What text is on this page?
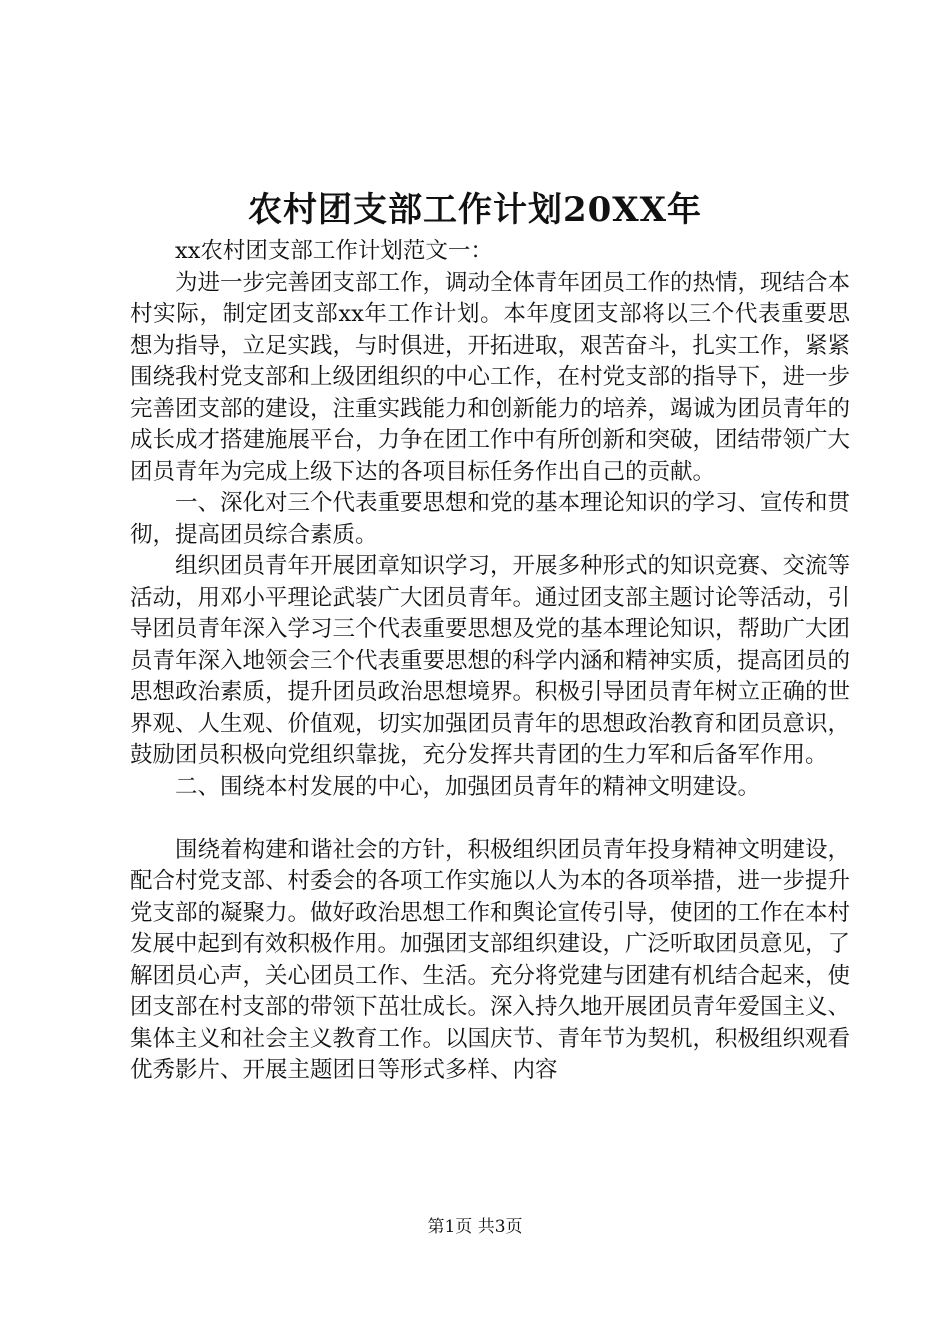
农村团支部工作计划20XX年

xx农村团支部工作计划范文一：

为进一步完善团支部工作，调动全体青年团员工作的热情，现结合本村实际，制定团支部xx年工作计划。本年度团支部将以三个代表重要思想为指导，立足实践，与时俱进，开拓进取，艰苦奋斗，扎实工作，紧紧围绕我村党支部和上级团组织的中心工作，在村党支部的指导下，进一步完善团支部的建设，注重实践能力和创新能力的培养，竭诚为团员青年的成长成才搭建施展平台，力争在团工作中有所创新和突破，团结带领广大团员青年为完成上级下达的各项目标任务作出自己的贡献。

一、深化对三个代表重要思想和党的基本理论知识的学习、宣传和贯彻，提高团员综合素质。

组织团员青年开展团章知识学习，开展多种形式的知识竞赛、交流等活动，用邓小平理论武装广大团员青年。通过团支部主题讨论等活动，引导团员青年深入学习三个代表重要思想及党的基本理论知识，帮助广大团员青年深入地领会三个代表重要思想的科学内涵和精神实质，提高团员的思想政治素质，提升团员政治思想境界。积极引导团员青年树立正确的世界观、人生观、价值观，切实加强团员青年的思想政治教育和团员意识，鼓励团员积极向党组织靠拢，充分发挥共青团的生力军和后备军作用。

二、围绕本村发展的中心，加强团员青年的精神文明建设。

围绕着构建和谐社会的方针，积极组织团员青年投身精神文明建设，配合村党支部、村委会的各项工作实施以人为本的各项举措，进一步提升党支部的凝聚力。做好政治思想工作和舆论宣传引导，使团的工作在本村发展中起到有效积极作用。加强团支部组织建设，广泛听取团员意见，了解团员心声，关心团员工作、生活。充分将党建与团建有机结合起来，使团支部在村支部的带领下茁壮成长。深入持久地开展团员青年爱国主义、集体主义和社会主义教育工作。以国庆节、青年节为契机，积极组织观看优秀影片、开展主题团日等形式多样、内容

第1页 共3页
